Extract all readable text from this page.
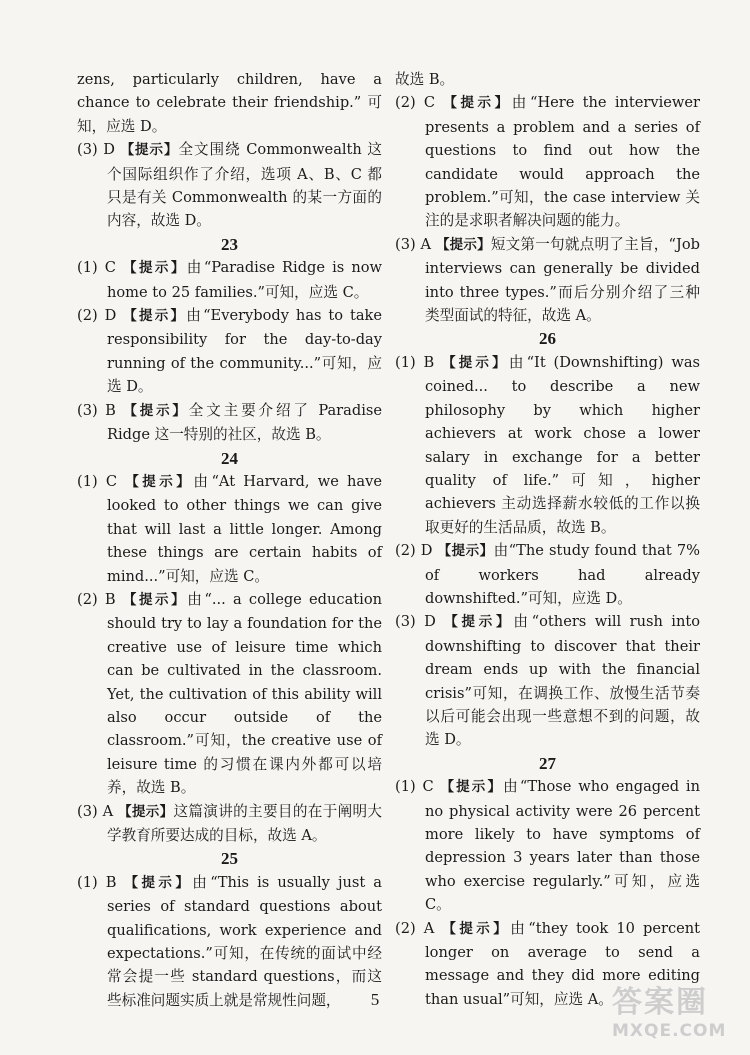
zens, particularly children, have a chance to celebrate their friendship.” 可知，应选 D。
(3) D 【提示】全文围绕 Commonwealth 这个国际组织作了介绍，选项 A、B、C 都只是有关 Commonwealth 的某一方面的内容，故选 D。
23
(1) C 【提示】由“Paradise Ridge is now home to 25 families.”可知，应选 C。
(2) D 【提示】由“Everybody has to take responsibility for the day-to-day running of the community...”可知，应选 D。
(3) B 【提示】全文主要介绍了 Paradise Ridge 这一特别的社区，故选 B。
24
(1) C 【提示】由“At Harvard, we have looked to other things we can give that will last a little longer. Among these things are certain habits of mind...”可知，应选 C。
(2) B 【提示】由“... a college education should try to lay a foundation for the creative use of leisure time which can be cultivated in the classroom. Yet, the cultivation of this ability will also occur outside of the classroom.”可知，the creative use of leisure time 的习惯在课内外都可以培养，故选 B。
(3) A 【提示】这篇演讲的主要目的在于阐明大学教育所要达成的目标，故选 A。
25
(1) B 【提示】由“This is usually just a series of standard questions about qualifications, work experience and expectations.”可知，在传统的面试中经常会提一些 standard questions，而这些标准问题实质上就是常规性问题，
故选 B。
(2) C 【提示】由“Here the interviewer presents a problem and a series of questions to find out how the candidate would approach the problem.”可知，the case interview 关注的是求职者解决问题的能力。
(3) A 【提示】短文第一句就点明了主旨，“Job interviews can generally be divided into three types.”而后分别介绍了三种类型面试的特征，故选 A。
26
(1) B 【提示】由“It (Downshifting) was coined... to describe a new philosophy by which higher achievers at work chose a lower salary in exchange for a better quality of life.”可知，higher achievers 主动选择薪水较低的工作以换取更好的生活品质，故选 B。
(2) D 【提示】由“The study found that 7% of workers had already downshifted.”可知，应选 D。
(3) D 【提示】由“others will rush into downshifting to discover that their dream ends up with the financial crisis”可知，在调换工作、放慢生活节奏以后可能会出现一些意想不到的问题，故选 D。
27
(1) C 【提示】由“Those who engaged in no physical activity were 26 percent more likely to have symptoms of depression 3 years later than those who exercise regularly.”可知，应选 C。
(2) A 【提示】由“they took 10 percent longer on average to send a message and they did more editing than usual”可知，应选 A。
5	答案圈
MXQE.COM
